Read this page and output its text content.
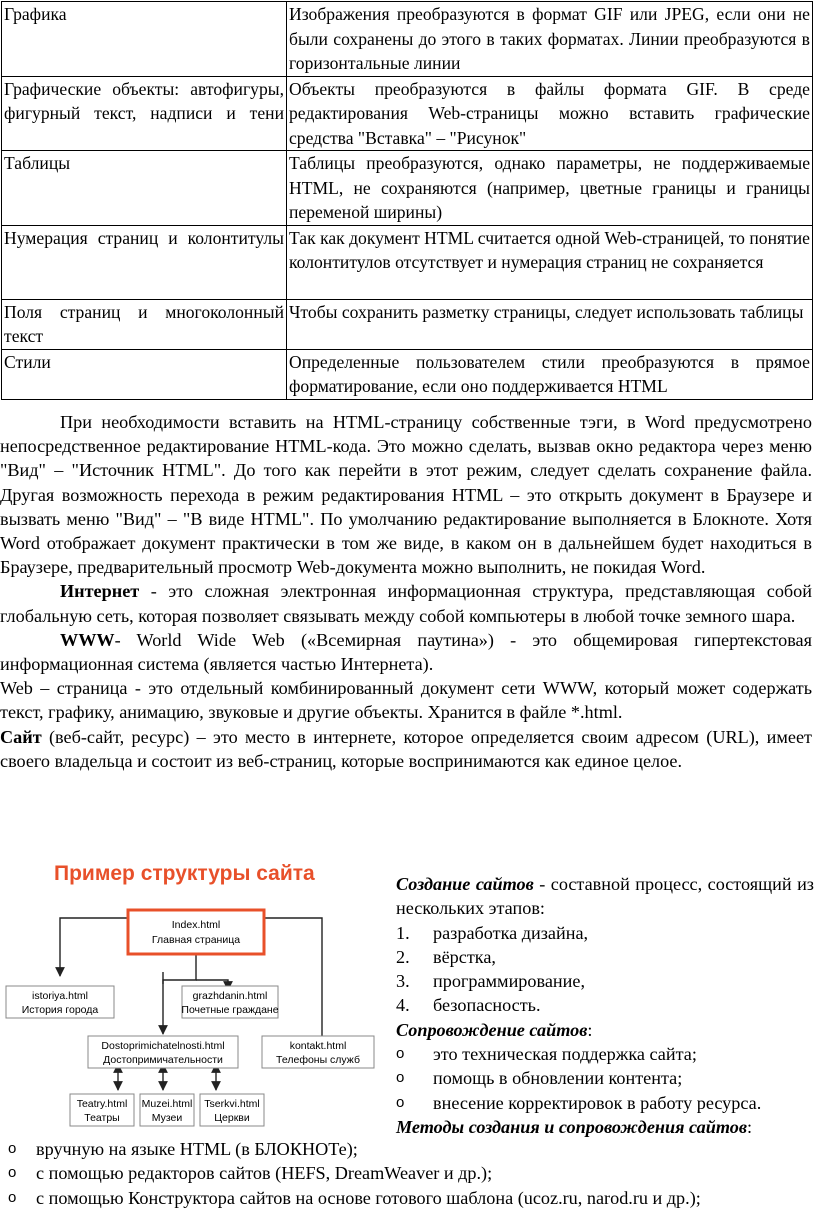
Графика	Изображения преобразуются в формат GIF или JPEG, если они не были сохранены до этого в таких форматах. Линии преобразуются в горизонтальные линии
Графические объекты: автофигуры, фигурный текст, надписи и тени	Объекты преобразуются в файлы формата GIF. В среде редактирования Web-страницы можно вставить графические средства "Вставка" – "Рисунок"
Таблицы	Таблицы преобразуются, однако параметры, не поддерживаемые HTML, не сохраняются (например, цветные границы и границы переменой ширины)
Нумерация страниц и колонтитулы	Так как документ HTML считается одной Web-страницей, то понятие колонтитулов отсутствует и нумерация страниц не сохраняется
Поля страниц и многоколонный текст	Чтобы сохранить разметку страницы, следует использовать таблицы
Стили	Определенные пользователем стили преобразуются в прямое форматирование, если оно поддерживается HTML

При необходимости вставить на HTML-страницу собственные тэги, в Word предусмотрено непосредственное редактирование HTML-кода. Это можно сделать, вызвав окно редактора через меню "Вид" – "Источник HTML". До того как перейти в этот режим, следует сделать сохранение файла. Другая возможность перехода в режим редактирования HTML – это открыть документ в Браузере и вызвать меню "Вид" – "В виде HTML". По умолчанию редактирование выполняется в Блокноте. Хотя Word отображает документ практически в том же виде, в каком он в дальнейшем будет находиться в Браузере, предварительный просмотр Web-документа можно выполнить, не покидая Word.

Интернет - это сложная электронная информационная структура, представляющая собой глобальную сеть, которая позволяет связывать между собой компьютеры в любой точке земного шара.

WWW- World Wide Web («Всемирная паутина») - это общемировая гипертекстовая информационная система (является частью Интернета).

Web – страница - это отдельный комбинированный документ сети WWW, который может содержать текст, графику, анимацию, звуковые и другие объекты. Хранится в файле *.html.

Сайт (веб-сайт, ресурс) – это место в интернете, которое определяется своим адресом (URL), имеет своего владельца и состоит из веб-страниц, которые воспринимаются как единое целое.

Пример структуры сайта
Index.html
Главная страница
istoriya.html
История города
grazhdanin.html
Почетные граждане
Dostoprimichatelnosti.html
Достопримичательности
kontakt.html
Телефоны служб
Teatry.html
Театры
Muzei.html
Музеи
Tserkvi.html
Церкви

Создание сайтов - составной процесс, состоящий из нескольких этапов:

1. разработка дизайна,
2. вёрстка,
3. программирование,
4. безопасность.

Сопровождение сайтов:

o это техническая поддержка сайта;
o помощь в обновлении контента;
o внесение корректировок в работу ресурса.

Методы создания и сопровождения сайтов:

o вручную на языке HTML (в БЛОКНОТе);
o с помощью редакторов сайтов (HEFS, DreamWeaver и др.);
o с помощью Конструктора сайтов на основе готового шаблона (ucoz.ru, narod.ru и др.);
